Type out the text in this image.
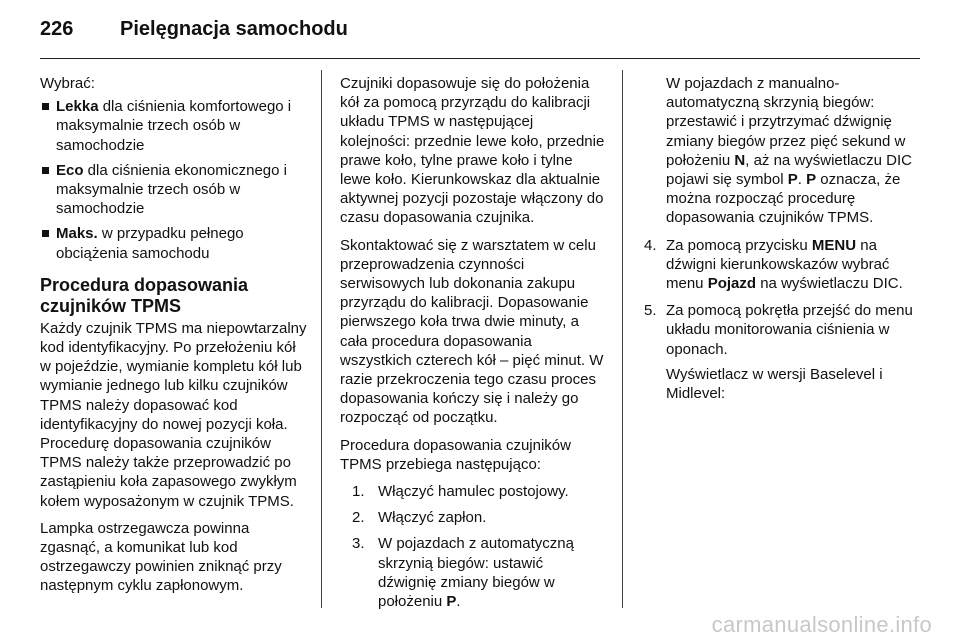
226 Pielęgnacja samochodu

Wybrać:

Lekka dla ciśnienia komfortowego i maksymalnie trzech osób w samochodzie
Eco dla ciśnienia ekonomicznego i maksymalnie trzech osób w samochodzie
Maks. w przypadku pełnego obciążenia samochodu
Procedura dopasowania czujników TPMS

Każdy czujnik TPMS ma niepowtarzalny kod identyfikacyjny. Po przełożeniu kół w pojeździe, wymianie kompletu kół lub wymianie jednego lub kilku czujników TPMS należy dopasować kod identyfikacyjny do nowej pozycji koła. Procedurę dopasowania czujników TPMS należy także przeprowadzić po zastąpieniu koła zapasowego zwykłym kołem wyposażonym w czujnik TPMS.

Lampka ostrzegawcza powinna zgasnąć, a komunikat lub kod ostrzegawczy powinien zniknąć przy następnym cyklu zapłonowym.

Czujniki dopasowuje się do położenia kół za pomocą przyrządu do kalibracji układu TPMS w następującej kolejności: przednie lewe koło, przednie prawe koło, tylne prawe koło i tylne lewe koło. Kierunkowskaz dla aktualnie aktywnej pozycji pozostaje włączony do czasu dopasowania czujnika.

Skontaktować się z warsztatem w celu przeprowadzenia czynności serwisowych lub dokonania zakupu przyrządu do kalibracji. Dopasowanie pierwszego koła trwa dwie minuty, a cała procedura dopasowania wszystkich czterech kół – pięć minut. W razie przekroczenia tego czasu proces dopasowania kończy się i należy go rozpocząć od początku.

Procedura dopasowania czujników TPMS przebiega następująco:

1. Włączyć hamulec postojowy.
2. Włączyć zapłon.
3. W pojazdach z automatyczną skrzynią biegów: ustawić dźwignię zmiany biegów w położeniu P.

W pojazdach z manualno-automatyczną skrzynią biegów: przestawić i przytrzymać dźwignię zmiany biegów przez pięć sekund w położeniu N, aż na wyświetlaczu DIC pojawi się symbol P. P oznacza, że można rozpocząć procedurę dopasowania czujników TPMS.

4. Za pomocą przycisku MENU na dźwigni kierunkowskazów wybrać menu Pojazd na wyświetlaczu DIC.
5. Za pomocą pokrętła przejść do menu układu monitorowania ciśnienia w oponach.

Wyświetlacz w wersji Baselevel i Midlevel:

carmanualsonline.info
